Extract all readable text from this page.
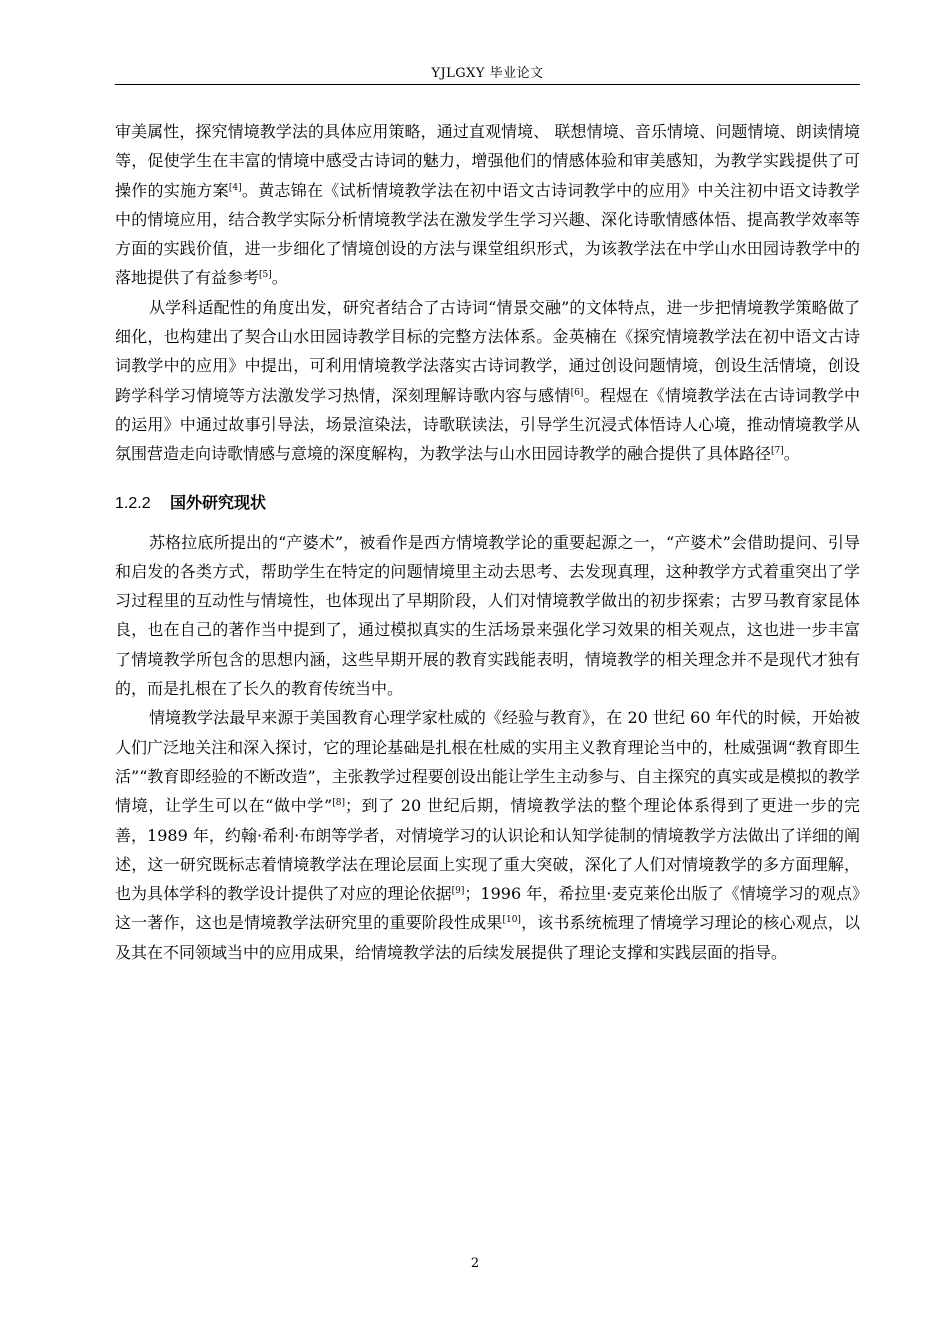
YJLGXY 毕业论文

审美属性，探究情境教学法的具体应用策略，通过直观情境、 联想情境、音乐情境、问题情境、朗读情境等，促使学生在丰富的情境中感受古诗词的魅力，增强他们的情感体验和审美感知，为教学实践提供了可操作的实施方案[4]。黄志锦在《试析情境教学法在初中语文古诗词教学中的应用》中关注初中语文诗教学中的情境应用，结合教学实际分析情境教学法在激发学生学习兴趣、深化诗歌情感体悟、提高教学效率等方面的实践价值，进一步细化了情境创设的方法与课堂组织形式，为该教学法在中学山水田园诗教学中的落地提供了有益参考[5]。

从学科适配性的角度出发，研究者结合了古诗词“情景交融”的文体特点，进一步把情境教学策略做了细化，也构建出了契合山水田园诗教学目标的完整方法体系。金英楠在《探究情境教学法在初中语文古诗词教学中的应用》中提出，可利用情境教学法落实古诗词教学，通过创设问题情境，创设生活情境，创设跨学科学习情境等方法激发学习热情，深刻理解诗歌内容与感情[6]。程煜在《情境教学法在古诗词教学中的运用》中通过故事引导法，场景渲染法，诗歌联读法，引导学生沉浸式体悟诗人心境，推动情境教学从氛围营造走向诗歌情感与意境的深度解构，为教学法与山水田园诗教学的融合提供了具体路径[7]。

1.2.2 国外研究现状

苏格拉底所提出的“产婆术”，被看作是西方情境教学论的重要起源之一，“产婆术”会借助提问、引导和启发的各类方式，帮助学生在特定的问题情境里主动去思考、去发现真理，这种教学方式着重突出了学习过程里的互动性与情境性，也体现出了早期阶段，人们对情境教学做出的初步探索；古罗马教育家昆体良，也在自己的著作当中提到了，通过模拟真实的生活场景来强化学习效果的相关观点，这也进一步丰富了情境教学所包含的思想内涵，这些早期开展的教育实践能表明，情境教学的相关理念并不是现代才独有的，而是扎根在了长久的教育传统当中。

情境教学法最早来源于美国教育心理学家杜威的《经验与教育》，在 20 世纪 60 年代的时候，开始被人们广泛地关注和深入探讨，它的理论基础是扎根在杜威的实用主义教育理论当中的，杜威强调“教育即生活”“教育即经验的不断改造”，主张教学过程要创设出能让学生主动参与、自主探究的真实或是模拟的教学情境，让学生可以在“做中学”[8]；到了 20 世纪后期，情境教学法的整个理论体系得到了更进一步的完善，1989 年，约翰·希利·布朗等学者，对情境学习的认识论和认知学徒制的情境教学方法做出了详细的阐述，这一研究既标志着情境教学法在理论层面上实现了重大突破，深化了人们对情境教学的多方面理解，也为具体学科的教学设计提供了对应的理论依据[9]；1996 年，希拉里·麦克莱伦出版了《情境学习的观点》这一著作，这也是情境教学法研究里的重要阶段性成果[10]，该书系统梳理了情境学习理论的核心观点，以及其在不同领域当中的应用成果，给情境教学法的后续发展提供了理论支撑和实践层面的指导。

2
